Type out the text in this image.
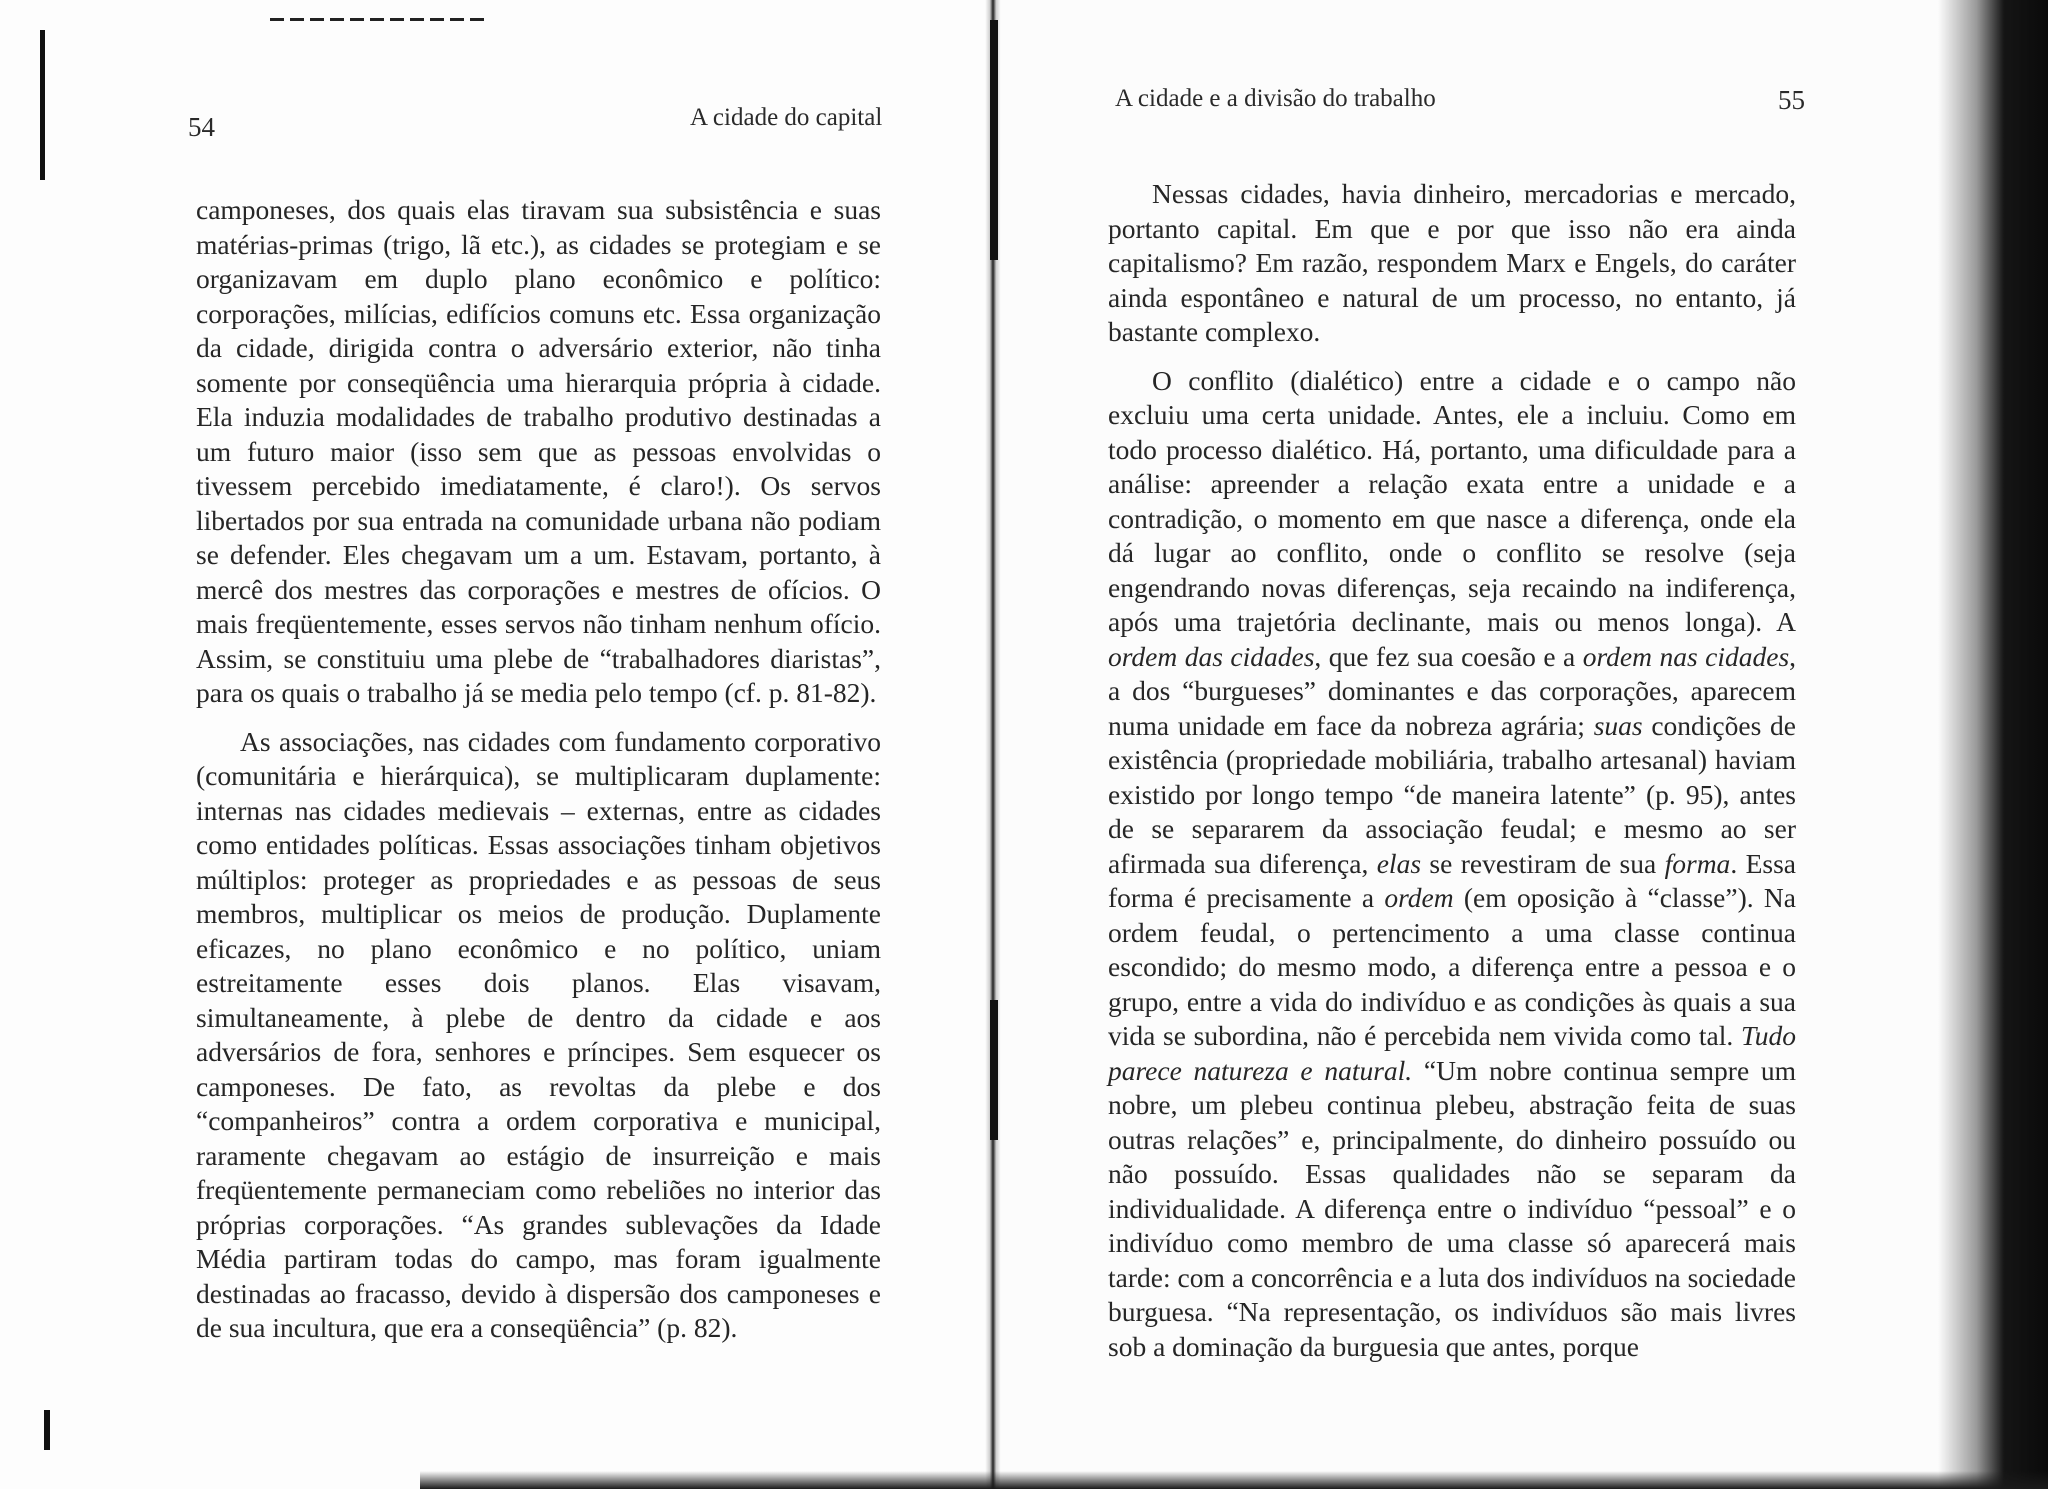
54	A cidade do capital

camponeses, dos quais elas tiravam sua subsistência e suas matérias-primas (trigo, lã etc.), as cidades se protegiam e se organizavam em duplo plano econômico e político: corporações, milícias, edifícios comuns etc. Essa organização da cidade, dirigida contra o adversário exterior, não tinha somente por conseqüência uma hierarquia própria à cidade. Ela induzia modalidades de trabalho produtivo destinadas a um futuro maior (isso sem que as pessoas envolvidas o tivessem percebido imediatamente, é claro!). Os servos libertados por sua entrada na comunidade urbana não podiam se defender. Eles chegavam um a um. Estavam, portanto, à mercê dos mestres das corporações e mestres de ofícios. O mais freqüentemente, esses servos não tinham nenhum ofício. Assim, se constituiu uma plebe de “trabalhadores diaristas”, para os quais o trabalho já se media pelo tempo (cf. p. 81-82).

As associações, nas cidades com fundamento corporativo (comunitária e hierárquica), se multiplicaram duplamente: internas nas cidades medievais – externas, entre as cidades como entidades políticas. Essas associações tinham objetivos múltiplos: proteger as propriedades e as pessoas de seus membros, multiplicar os meios de produção. Duplamente eficazes, no plano econômico e no político, uniam estreitamente esses dois planos. Elas visavam, simultaneamente, à plebe de dentro da cidade e aos adversários de fora, senhores e príncipes. Sem esquecer os camponeses. De fato, as revoltas da plebe e dos “companheiros” contra a ordem corporativa e municipal, raramente chegavam ao estágio de insurreição e mais freqüentemente permaneciam como rebeliões no interior das próprias corporações. “As grandes sublevações da Idade Média partiram todas do campo, mas foram igualmente destinadas ao fracasso, devido à dispersão dos camponeses e de sua incultura, que era a conseqüência” (p. 82).

A cidade e a divisão do trabalho	55

Nessas cidades, havia dinheiro, mercadorias e mercado, portanto capital. Em que e por que isso não era ainda capitalismo? Em razão, respondem Marx e Engels, do caráter ainda espontâneo e natural de um processo, no entanto, já bastante complexo.

O conflito (dialético) entre a cidade e o campo não excluiu uma certa unidade. Antes, ele a incluiu. Como em todo processo dialético. Há, portanto, uma dificuldade para a análise: apreender a relação exata entre a unidade e a contradição, o momento em que nasce a diferença, onde ela dá lugar ao conflito, onde o conflito se resolve (seja engendrando novas diferenças, seja recaindo na indiferença, após uma trajetória declinante, mais ou menos longa). A ordem das cidades, que fez sua coesão e a ordem nas cidades, a dos “burgueses” dominantes e das corporações, aparecem numa unidade em face da nobreza agrária; suas condições de existência (propriedade mobiliária, trabalho artesanal) haviam existido por longo tempo “de maneira latente” (p. 95), antes de se separarem da associação feudal; e mesmo ao ser afirmada sua diferença, elas se revestiram de sua forma. Essa forma é precisamente a ordem (em oposição à “classe”). Na ordem feudal, o pertencimento a uma classe continua escondido; do mesmo modo, a diferença entre a pessoa e o grupo, entre a vida do indivíduo e as condições às quais a sua vida se subordina, não é percebida nem vivida como tal. Tudo parece natureza e natural. “Um nobre continua sempre um nobre, um plebeu continua plebeu, abstração feita de suas outras relações” e, principalmente, do dinheiro possuído ou não possuído. Essas qualidades não se separam da individualidade. A diferença entre o indivíduo “pessoal” e o indivíduo como membro de uma classe só aparecerá mais tarde: com a concorrência e a luta dos indivíduos na sociedade burguesa. “Na representação, os indivíduos são mais livres sob a dominação da burguesia que antes, porque
